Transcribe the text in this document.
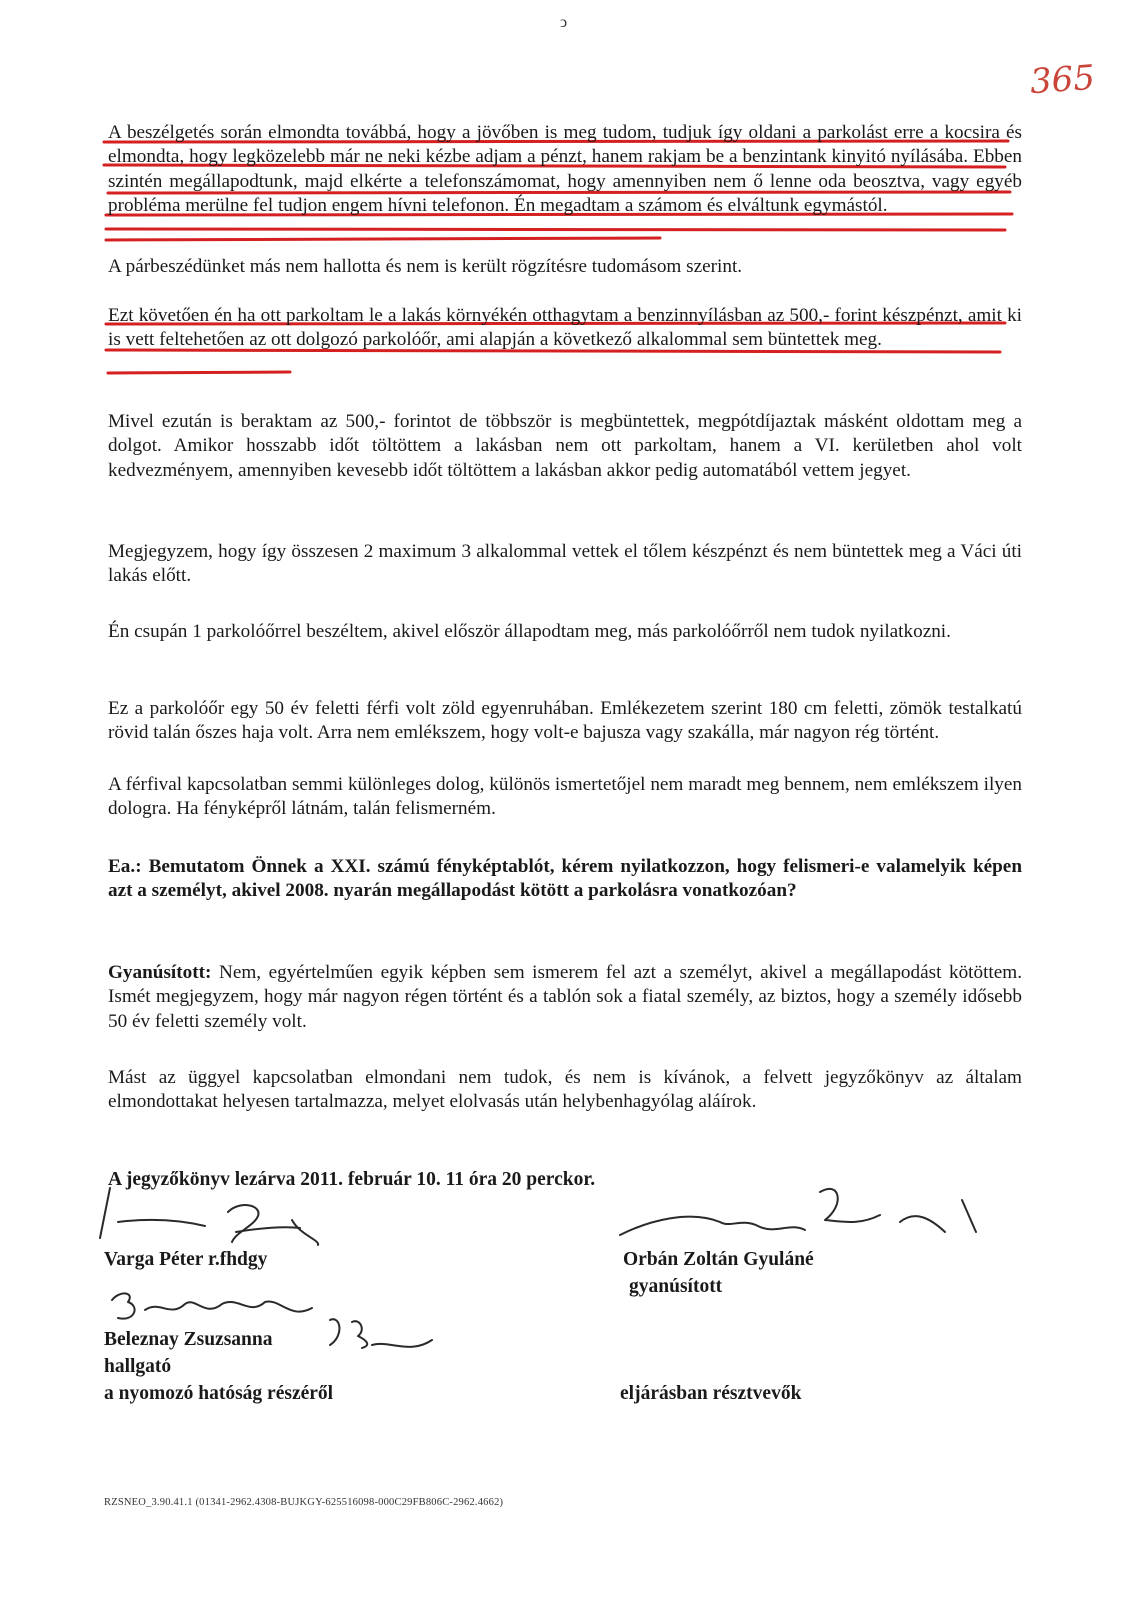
ↄ
365

A beszélgetés során elmondta továbbá, hogy a jövőben is meg tudom, tudjuk így oldani a parkolást erre a kocsira és elmondta, hogy legközelebb már ne neki kézbe adjam a pénzt, hanem rakjam be a benzintank kinyitó nyílásába. Ebben szintén megállapodtunk, majd elkérte a telefonszámomat, hogy amennyiben nem ő lenne oda beosztva, vagy egyéb probléma merülne fel tudjon engem hívni telefonon. Én megadtam a számom és elváltunk egymástól.

A párbeszédünket más nem hallotta és nem is került rögzítésre tudomásom szerint.

Ezt követően én ha ott parkoltam le a lakás környékén otthagytam a benzinnyílásban az 500,- forint készpénzt, amit ki is vett feltehetően az ott dolgozó parkolóőr, ami alapján a következő alkalommal sem büntettek meg.

Mivel ezután is beraktam az 500,- forintot de többször is megbüntettek, megpótdíjaztak másként oldottam meg a dolgot. Amikor hosszabb időt töltöttem a lakásban nem ott parkoltam, hanem a VI. kerületben ahol volt kedvezményem, amennyiben kevesebb időt töltöttem a lakásban akkor pedig automatából vettem jegyet.

Megjegyzem, hogy így összesen 2 maximum 3 alkalommal vettek el tőlem készpénzt és nem büntettek meg a Váci úti lakás előtt.

Én csupán 1 parkolóőrrel beszéltem, akivel először állapodtam meg, más parkolóőrről nem tudok nyilatkozni.

Ez a parkolóőr egy 50 év feletti férfi volt zöld egyenruhában. Emlékezetem szerint 180 cm feletti, zömök testalkatú rövid talán őszes haja volt. Arra nem emlékszem, hogy volt-e bajusza vagy szakálla, már nagyon rég történt.

A férfival kapcsolatban semmi különleges dolog, különös ismertetőjel nem maradt meg bennem, nem emlékszem ilyen dologra. Ha fényképről látnám, talán felismerném.

Ea.: Bemutatom Önnek a XXI. számú fényképtablót, kérem nyilatkozzon, hogy felismeri-e valamelyik képen azt a személyt, akivel 2008. nyarán megállapodást kötött a parkolásra vonatkozóan?

Gyanúsított: Nem, egyértelműen egyik képben sem ismerem fel azt a személyt, akivel a megállapodást kötöttem. Ismét megjegyzem, hogy már nagyon régen történt és a tablón sok a fiatal személy, az biztos, hogy a személy idősebb 50 év feletti személy volt.

Mást az üggyel kapcsolatban elmondani nem tudok, és nem is kívánok, a felvett jegyzőkönyv az általam elmondottakat helyesen tartalmazza, melyet elolvasás után helybenhagyólag aláírok.

A jegyzőkönyv lezárva 2011. február 10. 11 óra 20 perckor.

Varga Péter r.fhdgy
Beleznay Zsuzsanna
hallgató
a nyomozó hatóság részéről
Orbán Zoltán Gyuláné
gyanúsított
eljárásban résztvevők
RZSNEO_3.90.41.1 (01341-2962.4308-BUJKGY-625516098-000C29FB806C-2962.4662)
